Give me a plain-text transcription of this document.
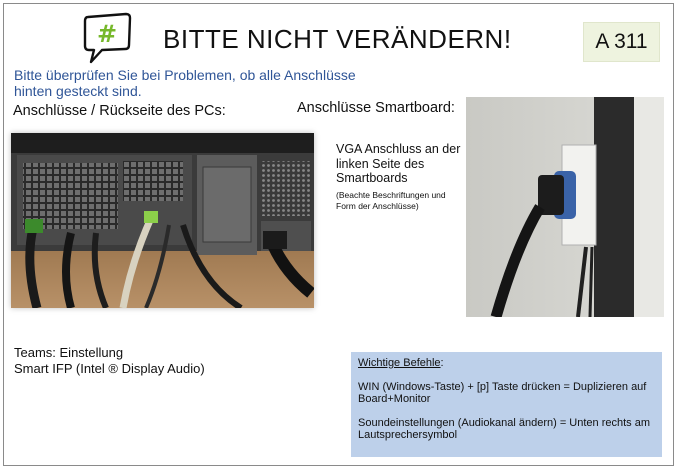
# BITTE NICHT VERÄNDERN!	A 311
Bitte überprüfen Sie bei Problemen, ob alle Anschlüsse hinten gesteckt sind.
Anschlüsse / Rückseite des PCs:	Anschlüsse Smartboard:
VGA Anschluss an der linken Seite des Smartboards
(Beachte Beschriftungen und Form der Anschlüsse)
Teams: Einstellung
Smart IFP (Intel ® Display Audio)	Wichtige Befehle:
WIN (Windows-Taste) + [p] Taste drücken = Duplizieren auf Board+Monitor
Soundeinstellungen (Audiokanal ändern) = Unten rechts am Lautsprechersymbol
